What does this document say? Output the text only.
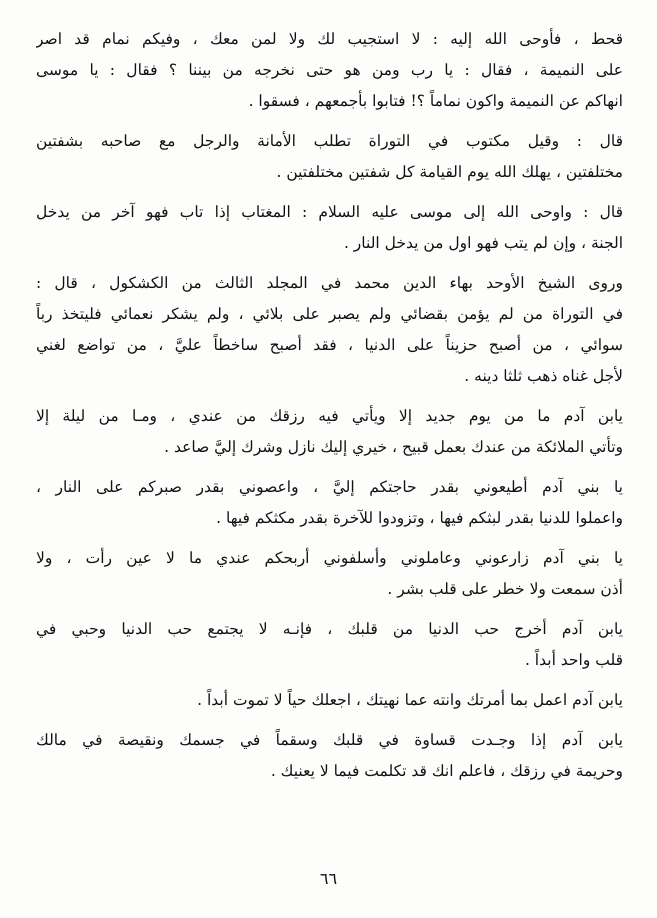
قحط ، فأوحى الله إليه : لا استجيب لك ولا لمن معك ، وفيكم نمام قد اصر
على النميمة ، فقال : يا رب ومن هو حتى نخرجه من بيننا ؟ فقال : يا موسى
انهاكم عن النميمة واكون نماماً ؟! فتابوا بأجمعهم ، فسقوا .
قال : وقيل مكتوب في التوراة تطلب الأمانة والرجل مع صاحبه بشفتين
مختلفتين ، يهلك الله يوم القيامة كل شفتين مختلفتين .
قال : واوحى الله إلى موسى عليه السلام : المغتاب إذا تاب فهو آخر من يدخل
الجنة ، وإن لم يتب فهو اول من يدخل النار .
وروى الشيخ الأوحد بهاء الدين محمد في المجلد الثالث من الكشكول ، قال :
في التوراة من لم يؤمن بقضائي ولم يصبر على بلائي ، ولم يشكر نعمائي فليتخذ رباً
سوائي ، من أصبح حزيناً على الدنيا ، فقد أصبح ساخطاً عليَّ ، من تواضع لغني
لأجل غناه ذهب ثلثا دينه .
يابن آدم ما من يوم جديد إلا ويأتي فيه رزقك من عندي ، ومـا من ليلة إلا
وتأتي الملائكة من عندك بعمل قبيح ، خيري إليك نازل وشرك إليَّ صاعد .
يا بني آدم أطيعوني بقدر حاجتكم إليَّ ، واعصوني بقدر صبركم على النار ،
واعملوا للدنيا بقدر لبثكم فيها ، وتزودوا للآخرة بقدر مكثكم فيها .
يا بني آدم زارعوني وعاملوني وأسلفوني أربحكم عندي ما لا عين رأت ، ولا
أذن سمعت ولا خطر على قلب بشر .
يابن آدم أخرج حب الدنيا من قلبك ، فإنـه لا يجتمع حب الدنيا وحبي في
قلب واحد أبداً .
يابن آدم اعمل بما أمرتك وانته عما نهيتك ، اجعلك حياً لا تموت أبداً .
يابن آدم إذا وجـدت قساوة في قلبك وسقماً في جسمك ونقيصة في مالك
وحريمة في رزقك ، فاعلم انك قد تكلمت فيما لا يعنيك .
٦٦
